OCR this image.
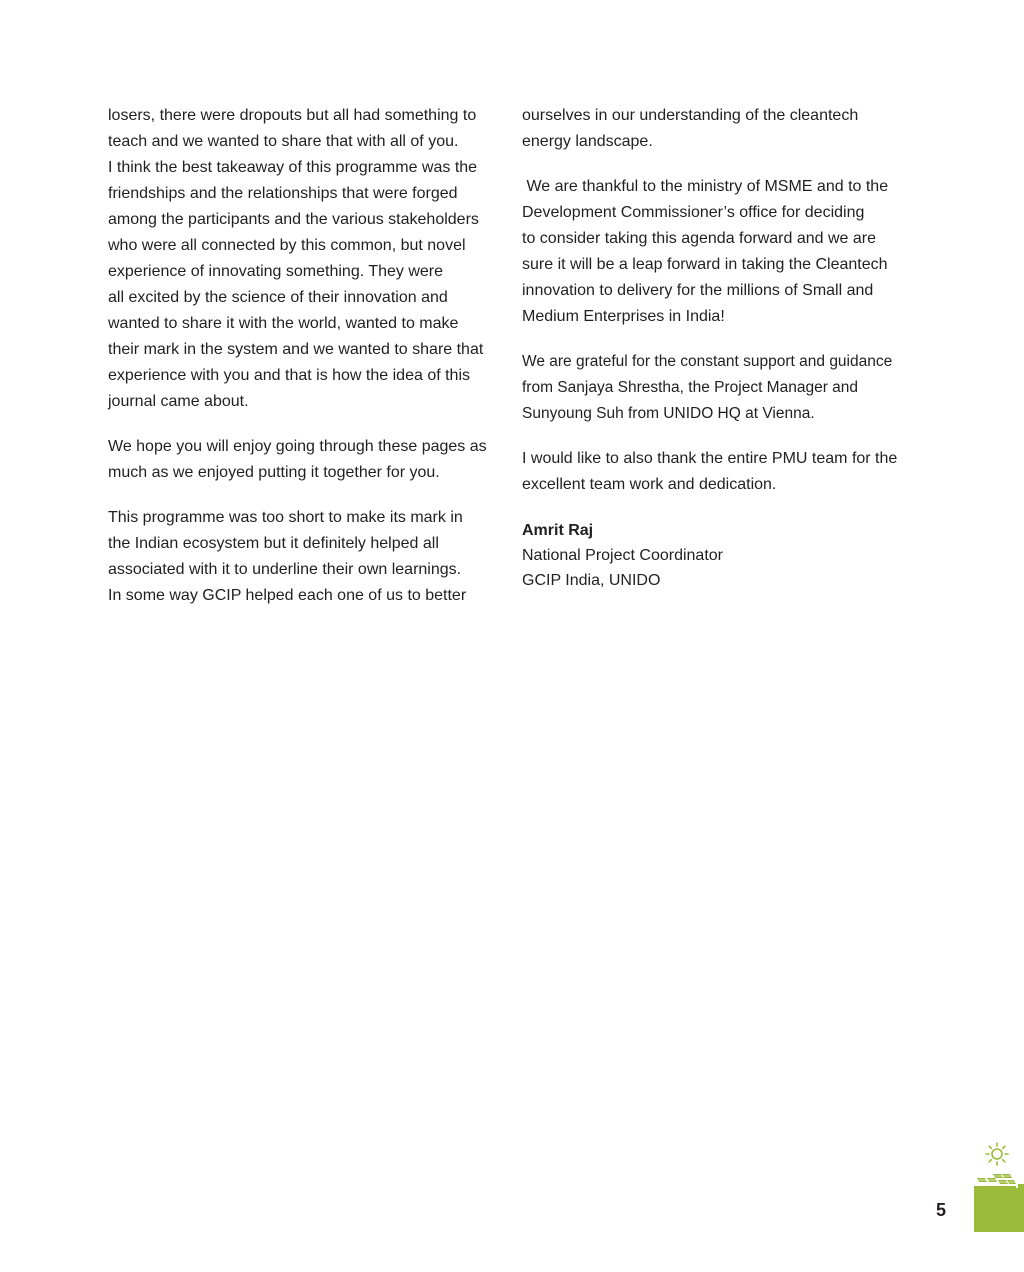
losers, there were dropouts but all had something to
teach and we wanted to share that with all of you.
I think the best takeaway of this programme was the
friendships and the relationships that were forged
among the participants and the various stakeholders
who were all connected by this common, but novel
experience of innovating something. They were
all excited by the science of their innovation and
wanted to share it with the world, wanted to make
their mark in the system and we wanted to share that
experience with you and that is how the idea of this
journal came about.

We hope you will enjoy going through these pages as
much as we enjoyed putting it together for you.

This programme was too short to make its mark in
the Indian ecosystem but it definitely helped all
associated with it to underline their own learnings.
In some way GCIP helped each one of us to better

ourselves in our understanding of the cleantech
energy landscape.

We are thankful to the ministry of MSME and to the
Development Commissioner’s office for deciding
to consider taking this agenda forward and we are
sure it will be a leap forward in taking the Cleantech
innovation to delivery for the millions of Small and
Medium Enterprises in India!

We are grateful for the constant support and guidance
from Sanjaya Shrestha, the Project Manager and
Sunyoung Suh from UNIDO HQ at Vienna.

I would like to also thank the entire PMU team for the
excellent team work and dedication.

Amrit Raj
National Project Coordinator
GCIP India, UNIDO
5
